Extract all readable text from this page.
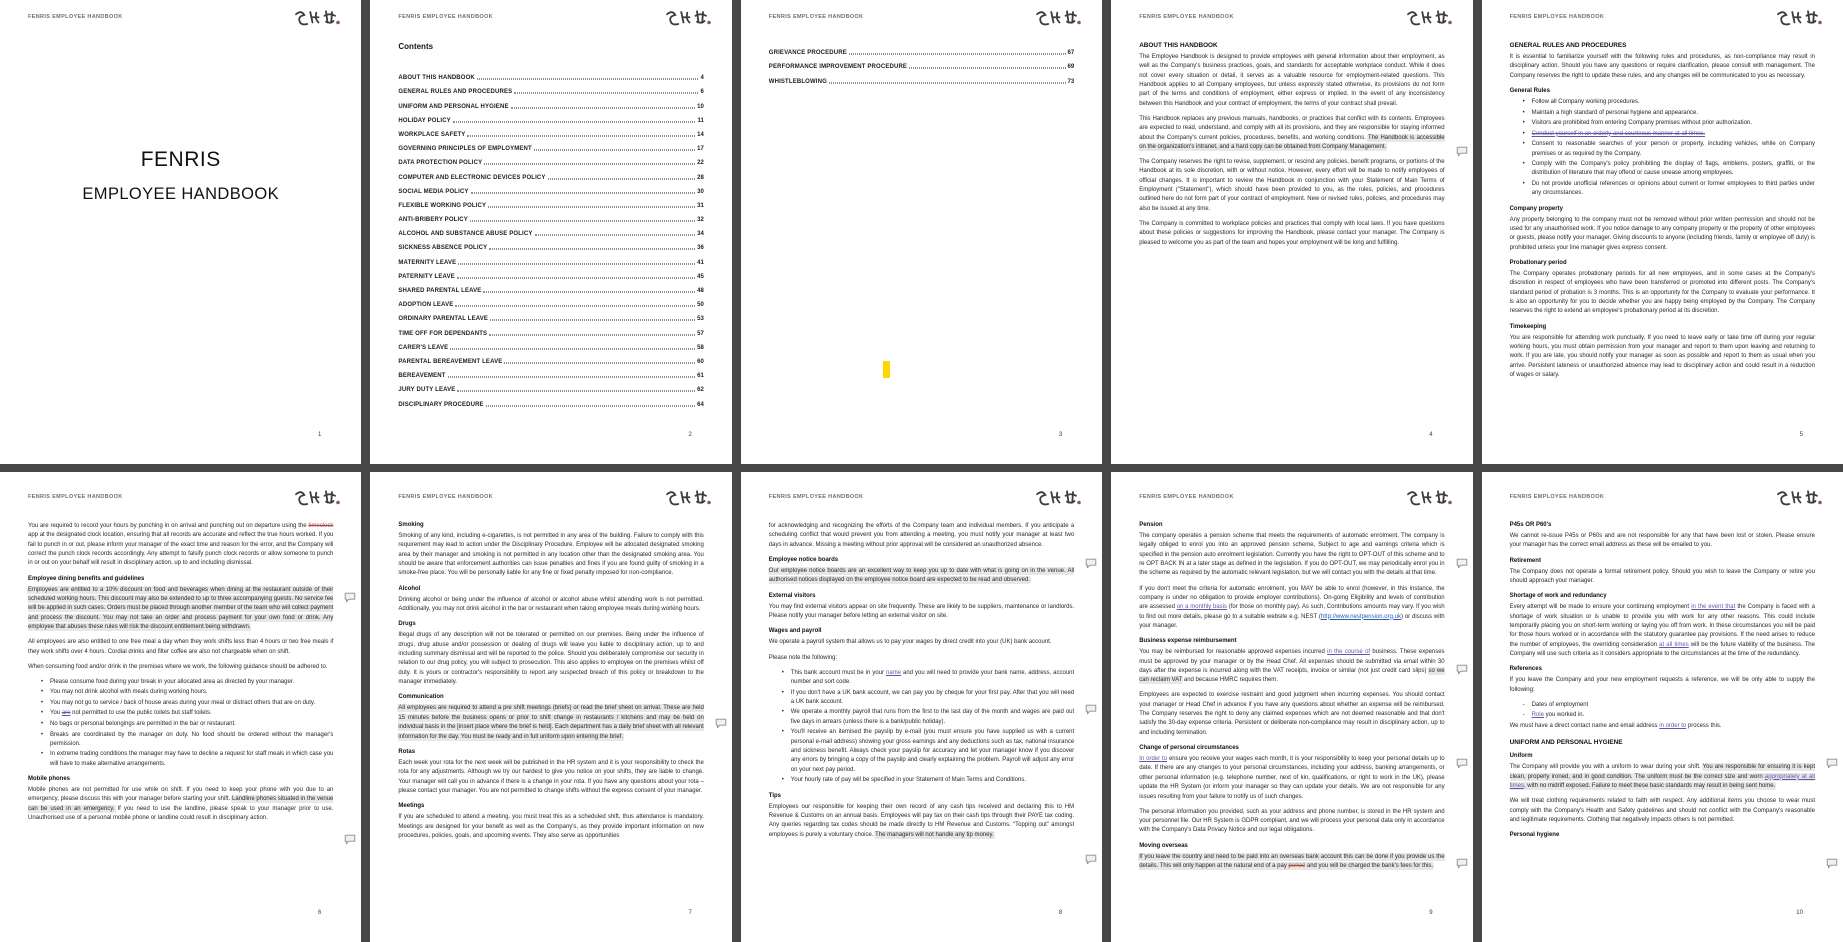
FENRIS EMPLOYEE HANDBOOK
FENRIS
EMPLOYEE HANDBOOK
1
FENRIS EMPLOYEE HANDBOOK
Contents
ABOUT THIS HANDBOOK	4
GENERAL RULES AND PROCEDURES	6
UNIFORM AND PERSONAL HYGIENE	10
HOLIDAY POLICY	11
WORKPLACE SAFETY	14
GOVERNING PRINCIPLES OF EMPLOYMENT	17
DATA PROTECTION POLICY	22
COMPUTER AND ELECTRONIC DEVICES POLICY	28
SOCIAL MEDIA POLICY	30
FLEXIBLE WORKING POLICY	31
ANTI-BRIBERY POLICY	32
ALCOHOL AND SUBSTANCE ABUSE POLICY	34
SICKNESS ABSENCE POLICY	36
MATERNITY LEAVE	41
PATERNITY LEAVE	45
SHARED PARENTAL LEAVE	48
ADOPTION LEAVE	50
ORDINARY PARENTAL LEAVE	53
TIME OFF FOR DEPENDANTS	57
CARER'S LEAVE	58
PARENTAL BEREAVEMENT LEAVE	60
BEREAVEMENT	61
JURY DUTY LEAVE	62
DISCIPLINARY PROCEDURE	64
2
FENRIS EMPLOYEE HANDBOOK
GRIEVANCE PROCEDURE	67
PERFORMANCE IMPROVEMENT PROCEDURE	69
WHISTLEBLOWING	73
3
FENRIS EMPLOYEE HANDBOOK
ABOUT THIS HANDBOOK

The Employee Handbook is designed to provide employees with general information about their employment, as well as the Company's business practices, goals, and standards for acceptable workplace conduct. While it does not cover every situation or detail, it serves as a valuable resource for employment-related questions. This Handbook applies to all Company employees, but unless expressly stated otherwise, its provisions do not form part of the terms and conditions of employment, either express or implied. In the event of any inconsistency between this Handbook and your contract of employment, the terms of your contract shall prevail.

This Handbook replaces any previous manuals, handbooks, or practices that conflict with its contents. Employees are expected to read, understand, and comply with all its provisions, and they are responsible for staying informed about the Company's current policies, procedures, benefits, and working conditions. The Handbook is accessible on the organization's intranet, and a hard copy can be obtained from Company Management.

The Company reserves the right to revise, supplement, or rescind any policies, benefit programs, or portions of the Handbook at its sole discretion, with or without notice. However, every effort will be made to notify employees of official changes. It is important to review the Handbook in conjunction with your Statement of Main Terms of Employment ("Statement"), which should have been provided to you, as the rules, policies, and procedures outlined here do not form part of your contract of employment. New or revised rules, policies, and procedures may also be issued at any time.

The Company is committed to workplace policies and practices that comply with local laws. If you have questions about these policies or suggestions for improving the Handbook, please contact your manager. The Company is pleased to welcome you as part of the team and hopes your employment will be long and fulfilling.

4
FENRIS EMPLOYEE HANDBOOK
GENERAL RULES AND PROCEDURES

It is essential to familiarize yourself with the following rules and procedures, as non-compliance may result in disciplinary action. Should you have any questions or require clarification, please consult with management. The Company reserves the right to update these rules, and any changes will be communicated to you as necessary.

General Rules
•	Follow all Company working procedures.
•	Maintain a high standard of personal hygiene and appearance.
•	Visitors are prohibited from entering Company premises without prior authorization.
•	Conduct yourself in an orderly and courteous manner at all times.
•	Consent to reasonable searches of your person or property, including vehicles, while on Company premises or as required by the Company.
•	Comply with the Company's policy prohibiting the display of flags, emblems, posters, graffiti, or the distribution of literature that may offend or cause unease among employees.
•	Do not provide unofficial references or opinions about current or former employees to third parties under any circumstances.
Company property

Any property belonging to the company must not be removed without prior written permission and should not be used for any unauthorised work. If you notice damage to any company property or the property of other employees or guests, please notify your manager. Giving discounts to anyone (including friends, family or employee off duty) is prohibited unless your line manager gives express consent.

Probationary period

The Company operates probationary periods for all new employees, and in some cases at the Company's discretion in respect of employees who have been transferred or promoted into different posts. The Company's standard period of probation is 3 months. This is an opportunity for the Company to evaluate your performance. It is also an opportunity for you to decide whether you are happy being employed by the Company. The Company reserves the right to extend an employee's probationary period at its discretion.

Timekeeping

You are responsible for attending work punctually. If you need to leave early or take time off during your regular working hours, you must obtain permission from your manager and report to them upon leaving and returning to work. If you are late, you should notify your manager as soon as possible and report to them as usual when you arrive. Persistent lateness or unauthorized absence may lead to disciplinary action and could result in a reduction of wages or salary.

5
FENRIS EMPLOYEE HANDBOOK

You are required to record your hours by punching in on arrival and punching out on departure using the timeclock app at the designated clock location, ensuring that all records are accurate and reflect the true hours worked. If you fail to punch in or out, please inform your manager of the exact time and reason for the error, and the Company will correct the punch clock records accordingly. Any attempt to falsify punch clock records or allow someone to punch in or out on your behalf will result in disciplinary action, up to and including dismissal.

Employee dining benefits and guidelines

Employees are entitled to a 10% discount on food and beverages when dining at the restaurant outside of their scheduled working hours. This discount may also be extended to up to three accompanying guests. No service fee will be applied in such cases. Orders must be placed through another member of the team who will collect payment and process the discount. You may not take an order and process payment for your own food or drink. Any employee that abuses these rules will risk the discount entitlement being withdrawn.

All employees are also entitled to one free meal a day when they work shifts less than 4 hours or two free meals if they work shifts over 4 hours. Cordial drinks and filter coffee are also not chargeable when on shift.

When consuming food and/or drink in the premises where we work, the following guidance should be adhered to.

•	Please consume food during your break in your allocated area as directed by your manager.
•	You may not drink alcohol with meals during working hours.
•	You may not go to service / back of house areas during your meal or distract others that are on duty.
•	You are not permitted to use the public toilets but staff toilets.
•	No bags or personal belongings are permitted in the bar or restaurant.
•	Breaks are coordinated by the manager on duty. No food should be ordered without the manager's permission.
•	In extreme trading conditions the manager may have to decline a request for staff meals in which case you will have to make alternative arrangements.
Mobile phones

Mobile phones are not permitted for use while on shift. If you need to keep your phone with you due to an emergency, please discuss this with your manager before starting your shift. Landline phones situated in the venue can be used in an emergency. If you need to use the landline, please speak to your manager prior to use. Unauthorised use of a personal mobile phone or landline could result in disciplinary action.

6
FENRIS EMPLOYEE HANDBOOK
Smoking

Smoking of any kind, including e-cigarettes, is not permitted in any area of the building. Failure to comply with this requirement may lead to action under the Disciplinary Procedure. Employee will be allocated designated smoking area by their manager and smoking is not permitted in any location other than the designated smoking area. You should be aware that enforcement authorities can issue penalties and fines if you are found guilty of smoking in a smoke-free place. You will be personally liable for any fine or fixed penalty imposed for non-compliance.

Alcohol

Drinking alcohol or being under the influence of alcohol or alcohol abuse whilst attending work is not permitted. Additionally, you may not drink alcohol in the bar or restaurant when taking employee meals during working hours.

Drugs

Illegal drugs of any description will not be tolerated or permitted on our premises. Being under the influence of drugs, drug abuse and/or possession or dealing of drugs will leave you liable to disciplinary action, up to and including summary dismissal and will be reported to the police. Should you deliberately compromise our security in relation to our drug policy, you will subject to prosecution. This also applies to employee on the premises whilst off duty. It is yours or contractor's responsibility to report any suspected breach of this policy or breakdown to the manager immediately.

Communication

All employees are required to attend a pre shift meetings (briefs) or read the brief sheet on arrival. These are held 15 minutes before the business opens or prior to shift change in restaurants / kitchens and may be held on individual basis in the [insert place where the brief is held]. Each department has a daily brief sheet with all relevant information for the day. You must be ready and in full uniform upon entering the brief.

Rotas

Each week your rota for the next week will be published in the HR system and it is your responsibility to check the rota for any adjustments. Although we try our hardest to give you notice on your shifts, they are liable to change. Your manager will call you in advance if there is a change in your rota. If you have any questions about your rota – please contact your manager. You are not permitted to change shifts without the express consent of your manager.

Meetings

If you are scheduled to attend a meeting, you must treat this as a scheduled shift, thus attendance is mandatory. Meetings are designed for your benefit as well as the Company's, as they provide important information on new procedures, policies, goals, and upcoming events. They also serve as opportunities

7
FENRIS EMPLOYEE HANDBOOK

for acknowledging and recognizing the efforts of the Company team and individual members. If you anticipate a scheduling conflict that would prevent you from attending a meeting, you must notify your manager at least two days in advance. Missing a meeting without prior approval will be considered an unauthorized absence.

Employee notice boards

Our employee notice boards are an excellent way to keep you up to date with what is going on in the venue. All authorised notices displayed on the employee notice board are expected to be read and observed.

External visitors

You may find external visitors appear on site frequently. These are likely to be suppliers, maintenance or landlords. Please notify your manager before letting an external visitor on site.

Wages and payroll

We operate a payroll system that allows us to pay your wages by direct credit into your (UK) bank account.

Please note the following:

•	This bank account must be in your name and you will need to provide your bank name, address, account number and sort code.
•	If you don't have a UK bank account, we can pay you by cheque for your first pay. After that you will need a UK bank account.
•	We operate a monthly payroll that runs from the first to the last day of the month and wages are paid out five days in arrears (unless there is a bank/public holiday).
•	You'll receive an itemised the payslip by e-mail (you must ensure you have supplied us with a current personal e-mail address) showing your gross earnings and any deductions such as tax, national insurance and sickness benefit. Always check your payslip for accuracy and let your manager know if you discover any errors by bringing a copy of the payslip and clearly explaining the problem. Payroll will adjust any error on your next pay period.
•	Your hourly rate of pay will be specified in your Statement of Main Terms and Conditions.
Tips

Employees our responsible for keeping their own record of any cash tips received and declaring this to HM Revenue & Customs on an annual basis. Employees will pay tax on their cash tips through their PAYE tax coding. Any queries regarding tax codes should be made directly to HM Revenue and Customs. “Topping out” amongst employees is purely a voluntary choice. The managers will not handle any tip money.

8
FENRIS EMPLOYEE HANDBOOK
Pension

The company operates a pension scheme that meets the requirements of automatic enrolment. The company is legally obliged to enrol you into an approved pension scheme, Subject to age and earnings criteria which is specified in the pension auto enrolment legislation. Currently you have the right to OPT-OUT of this scheme and to re OPT BACK IN at a later stage as defined in the legislation. If you do OPT-OUT, we may periodically enrol you in the scheme as required by the automatic relevant legislation, but we will contact you with the details at that time.

If you don't meet the criteria for automatic enrolment, you MAY be able to enrol (however, in this instance, the company is under no obligation to provide employer contributions). On-going Eligibility and levels of contribution are assessed on a monthly basis (for those on monthly pay). As such, Contributions amounts may vary. If you wish to find out more details, please go to a suitable website e.g. NEST (http://www.nestpension.org.uk) or discuss with your manager.

Business expense reimbursement

You may be reimbursed for reasonable approved expenses incurred in the course of business. These expenses must be approved by your manager or by the Head Chef. All expenses should be submitted via email within 30 days after the expense is incurred along with the VAT receipts, invoice or similar (not just credit card slips) so we can reclaim VAT and because HMRC requires them.

Employees are expected to exercise restraint and good judgment when incurring expenses. You should contact your manager or Head Chef in advance if you have any questions about whether an expense will be reimbursed. The Company reserves the right to deny any claimed expenses which are not deemed reasonable and that don't satisfy the 30-day expense criteria. Persistent or deliberate non-compliance may result in disciplinary action, up to and including termination.

Change of personal circumstances

In order to ensure you receive your wages each month, it is your responsibility to keep your personal details up to date. If there are any changes to your personal circumstances, including your address, banking arrangements, or other personal information (e.g. telephone number, next of kin, qualifications, or right to work in the UK), please update the HR System (or inform your manager so they can update your details. We are not responsible for any issues resulting from your failure to notify us of such changes.

The personal information you provided, such as your address and phone number, is stored in the HR system and your personnel file. Our HR System is GDPR compliant, and we will process your personal data only in accordance with the Company's Data Privacy Notice and our legal obligations.

Moving overseas

If you leave the country and need to be paid into an overseas bank account this can be done if you provide us the details. This will only happen at the natural end of a pay period and you will be charged the bank's fees for this.

9
FENRIS EMPLOYEE HANDBOOK
P45s OR P60's

We cannot re-issue P45s or P60s and are not responsible for any that have been lost or stolen. Please ensure your manager has the correct email address as these will be emailed to you.

Retirement

The Company does not operate a formal retirement policy. Should you wish to leave the Company or retire you should approach your manager.

Shortage of work and redundancy

Every attempt will be made to ensure your continuing employment in the event that the Company is faced with a shortage of work situation or is unable to provide you with work for any other reasons. This could include temporarily placing you on short-term working or laying you off from work. In these circumstances you will be paid for those hours worked or in accordance with the statutory guarantee pay provisions. If the need arises to reduce the number of employees, the overriding consideration at all times will be the future viability of the business. The Company will use such criteria as it considers appropriate to the circumstances at the time of the redundancy.

References

If you leave the Company and your new employment requests a reference, we will be only able to supply the following:

-	Dates of employment
-	Role you worked in.

We must have a direct contact name and email address in order to process this.

UNIFORM AND PERSONAL HYGIENE
Uniform

The Company will provide you with a uniform to wear during your shift. You are responsible for ensuring it is kept clean, properly ironed, and in good condition. The uniform must be the correct size and worn appropriately at all times, with no midriff exposed. Failure to meet these basic standards may result in being sent home.

We will treat clothing requirements related to faith with respect. Any additional items you choose to wear must comply with the Company's Health and Safety guidelines and should not conflict with the Company's reasonable and legitimate requirements. Clothing that negatively impacts others is not permitted.

Personal hygiene
10
